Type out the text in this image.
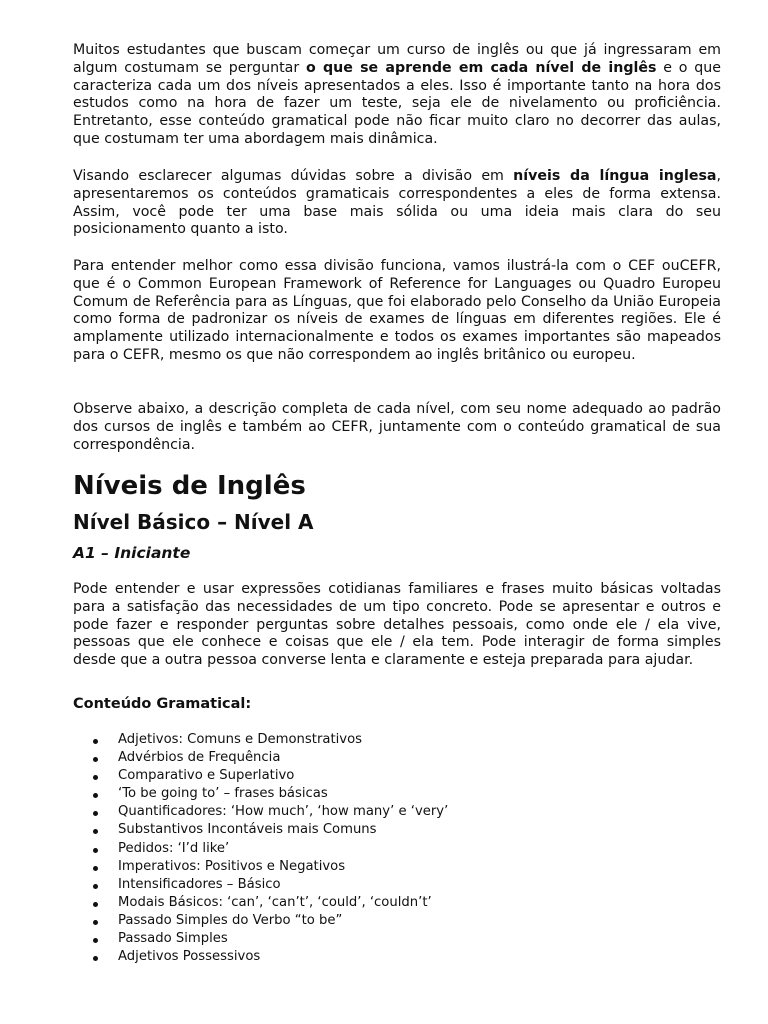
Muitos estudantes que buscam começar um curso de inglês ou que já ingressaram em algum costumam se perguntar o que se aprende em cada nível de inglês e o que caracteriza cada um dos níveis apresentados a eles. Isso é importante tanto na hora dos estudos como na hora de fazer um teste, seja ele de nivelamento ou proficiência. Entretanto, esse conteúdo gramatical pode não ficar muito claro no decorrer das aulas, que costumam ter uma abordagem mais dinâmica.

Visando esclarecer algumas dúvidas sobre a divisão em níveis da língua inglesa, apresentaremos os conteúdos gramaticais correspondentes a eles de forma extensa. Assim, você pode ter uma base mais sólida ou uma ideia mais clara do seu posicionamento quanto a isto.

Para entender melhor como essa divisão funciona, vamos ilustrá-la com o CEF ouCEFR, que é o Common European Framework of Reference for Languages ou Quadro Europeu Comum de Referência para as Línguas, que foi elaborado pelo Conselho da União Europeia como forma de padronizar os níveis de exames de línguas em diferentes regiões. Ele é amplamente utilizado internacionalmente e todos os exames importantes são mapeados para o CEFR, mesmo os que não correspondem ao inglês britânico ou europeu.

Observe abaixo, a descrição completa de cada nível, com seu nome adequado ao padrão dos cursos de inglês e também ao CEFR, juntamente com o conteúdo gramatical de sua correspondência.

Níveis de Inglês
Nível Básico – Nível A
A1 – Iniciante

Pode entender e usar expressões cotidianas familiares e frases muito básicas voltadas para a satisfação das necessidades de um tipo concreto. Pode se apresentar e outros e pode fazer e responder perguntas sobre detalhes pessoais, como onde ele / ela vive, pessoas que ele conhece e coisas que ele / ela tem. Pode interagir de forma simples desde que a outra pessoa converse lenta e claramente e esteja preparada para ajudar.

Conteúdo Gramatical:
Adjetivos: Comuns e Demonstrativos
Advérbios de Frequência
Comparativo e Superlativo
‘To be going to’ – frases básicas
Quantificadores: ‘How much’, ‘how many’ e ‘very’
Substantivos Incontáveis mais Comuns
Pedidos: ‘I’d like’
Imperativos: Positivos e Negativos
Intensificadores – Básico
Modais Básicos: ‘can’, ‘can’t’, ‘could’, ‘couldn’t’
Passado Simples do Verbo “to be”
Passado Simples
Adjetivos Possessivos
